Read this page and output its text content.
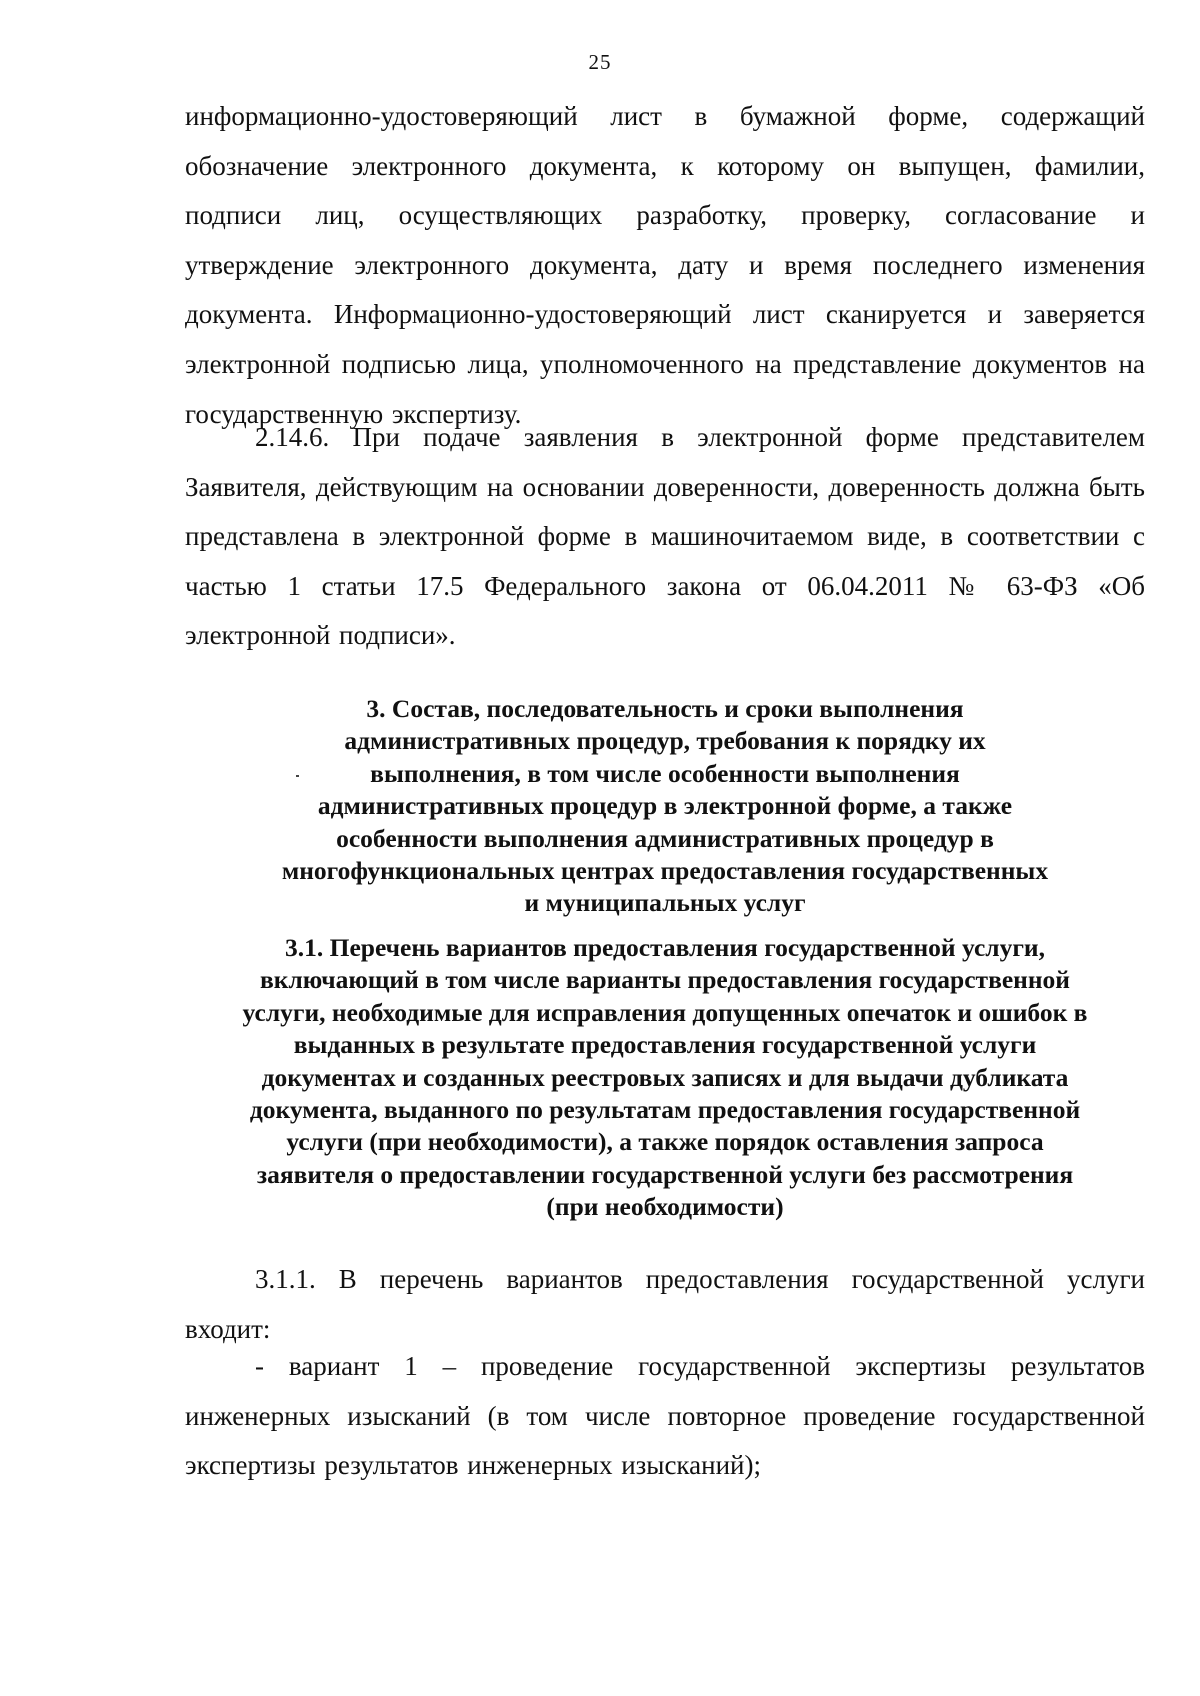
25
информационно-удостоверяющий лист в бумажной форме, содержащий обозначение электронного документа, к которому он выпущен, фамилии, подписи лиц, осуществляющих разработку, проверку, согласование и утверждение электронного документа, дату и время последнего изменения документа. Информационно-удостоверяющий лист сканируется и заверяется электронной подписью лица, уполномоченного на представление документов на государственную экспертизу.
2.14.6. При подаче заявления в электронной форме представителем Заявителя, действующим на основании доверенности, доверенность должна быть представлена в электронной форме в машиночитаемом виде, в соответствии с частью 1 статьи 17.5 Федерального закона от 06.04.2011 № 63-ФЗ «Об электронной подписи».
3. Состав, последовательность и сроки выполнения
административных процедур, требования к порядку их
выполнения, в том числе особенности выполнения
административных процедур в электронной форме, а также
особенности выполнения административных процедур в
многофункциональных центрах предоставления государственных
и муниципальных услуг
3.1. Перечень вариантов предоставления государственной услуги,
включающий в том числе варианты предоставления государственной
услуги, необходимые для исправления допущенных опечаток и ошибок в
выданных в результате предоставления государственной услуги
документах и созданных реестровых записях и для выдачи дубликата
документа, выданного по результатам предоставления государственной
услуги (при необходимости), а также порядок оставления запроса
заявителя о предоставлении государственной услуги без рассмотрения
(при необходимости)
3.1.1. В перечень вариантов предоставления государственной услуги входит:
- вариант 1 – проведение государственной экспертизы результатов инженерных изысканий (в том числе повторное проведение государственной экспертизы результатов инженерных изысканий);
